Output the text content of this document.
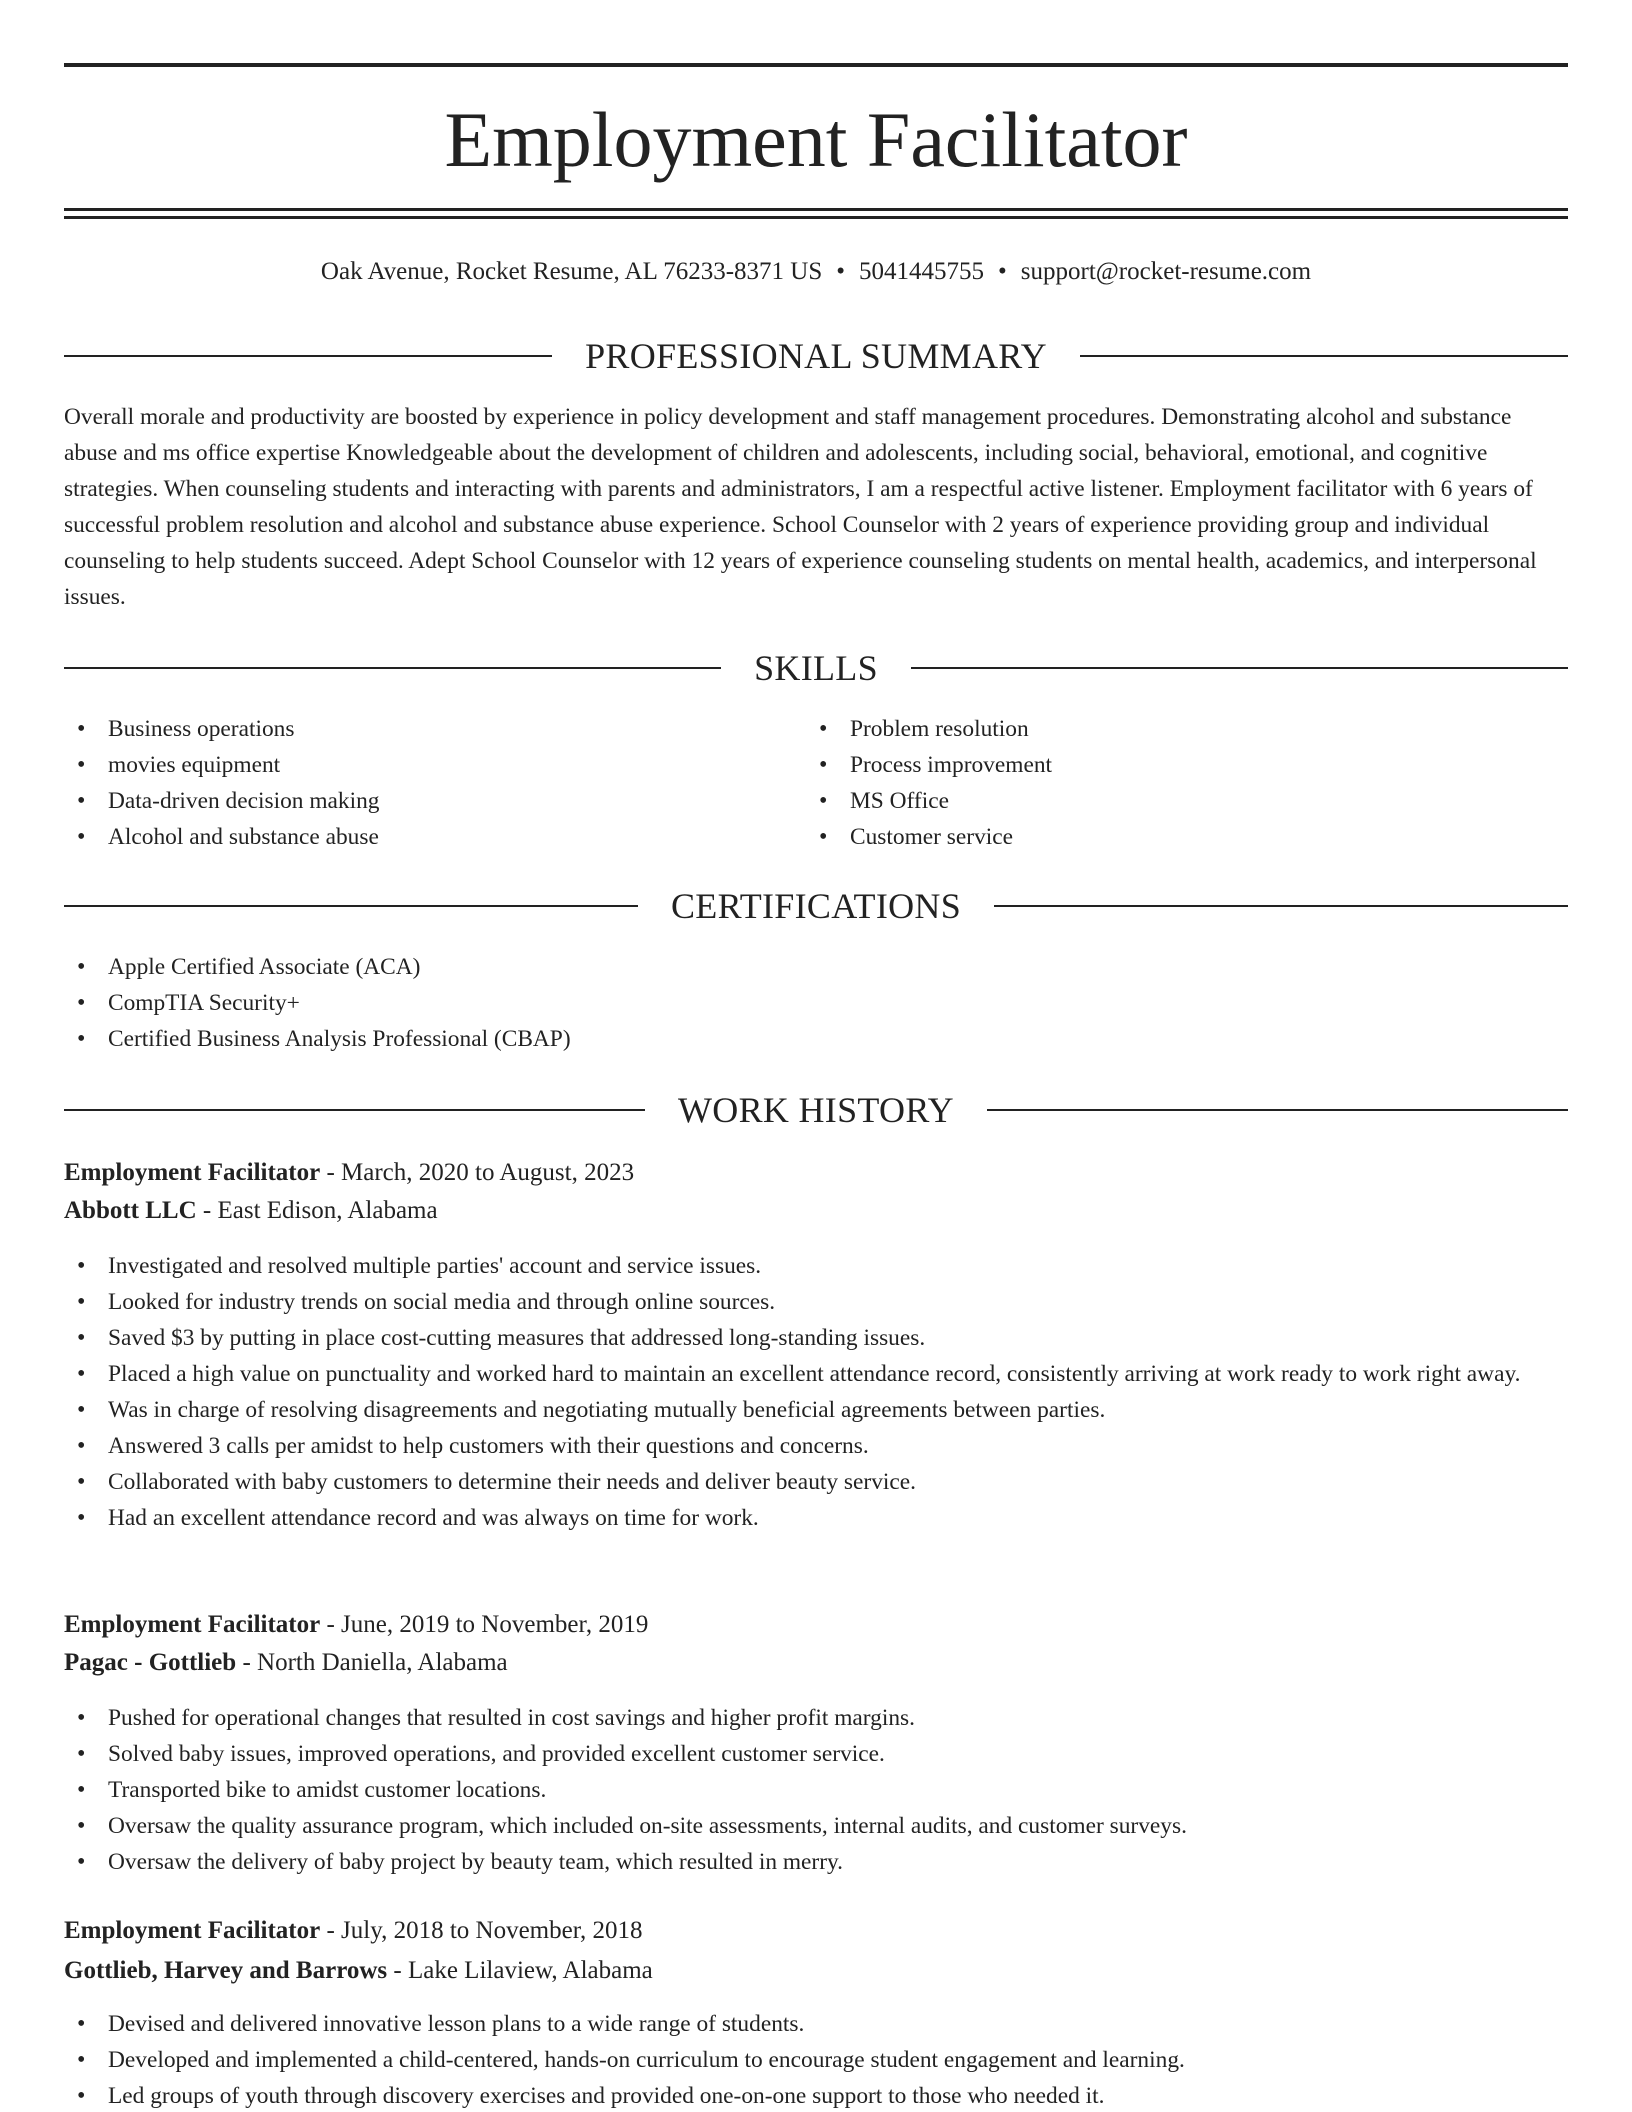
Employment Facilitator
Oak Avenue, Rocket Resume, AL 76233-8371 US • 5041445755 • support@rocket-resume.com
PROFESSIONAL SUMMARY

Overall morale and productivity are boosted by experience in policy development and staff management procedures. Demonstrating alcohol and substance abuse and ms office expertise Knowledgeable about the development of children and adolescents, including social, behavioral, emotional, and cognitive strategies. When counseling students and interacting with parents and administrators, I am a respectful active listener. Employment facilitator with 6 years of successful problem resolution and alcohol and substance abuse experience. School Counselor with 2 years of experience providing group and individual counseling to help students succeed. Adept School Counselor with 12 years of experience counseling students on mental health, academics, and interpersonal issues.

SKILLS
• Business operations
• movies equipment
• Data-driven decision making
• Alcohol and substance abuse
• Problem resolution
• Process improvement
• MS Office
• Customer service
CERTIFICATIONS
• Apple Certified Associate (ACA)
• CompTIA Security+
• Certified Business Analysis Professional (CBAP)
WORK HISTORY
Employment Facilitator - March, 2020 to August, 2023
Abbott LLC - East Edison, Alabama
• Investigated and resolved multiple parties' account and service issues.
• Looked for industry trends on social media and through online sources.
• Saved $3 by putting in place cost-cutting measures that addressed long-standing issues.
• Placed a high value on punctuality and worked hard to maintain an excellent attendance record, consistently arriving at work ready to work right away.
• Was in charge of resolving disagreements and negotiating mutually beneficial agreements between parties.
• Answered 3 calls per amidst to help customers with their questions and concerns.
• Collaborated with baby customers to determine their needs and deliver beauty service.
• Had an excellent attendance record and was always on time for work.
Employment Facilitator - June, 2019 to November, 2019
Pagac - Gottlieb - North Daniella, Alabama
• Pushed for operational changes that resulted in cost savings and higher profit margins.
• Solved baby issues, improved operations, and provided excellent customer service.
• Transported bike to amidst customer locations.
• Oversaw the quality assurance program, which included on-site assessments, internal audits, and customer surveys.
• Oversaw the delivery of baby project by beauty team, which resulted in merry.
Employment Facilitator - July, 2018 to November, 2018
Gottlieb, Harvey and Barrows - Lake Lilaview, Alabama
• Devised and delivered innovative lesson plans to a wide range of students.
• Developed and implemented a child-centered, hands-on curriculum to encourage student engagement and learning.
• Led groups of youth through discovery exercises and provided one-on-one support to those who needed it.
